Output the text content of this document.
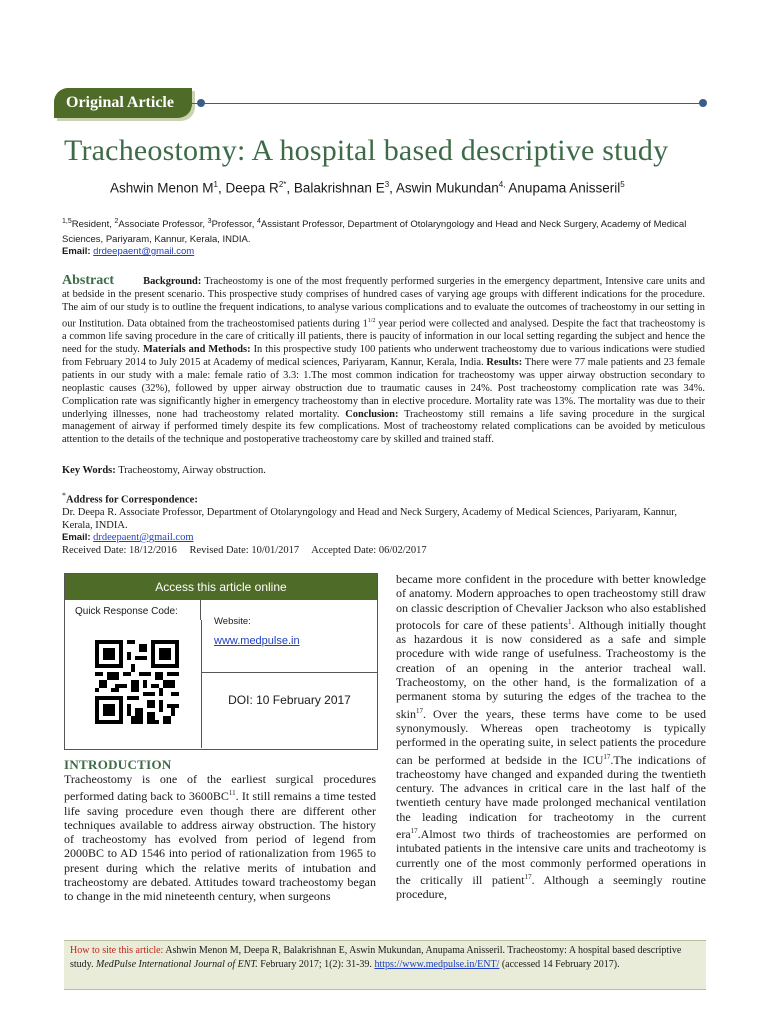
Original Article
Tracheostomy: A hospital based descriptive study
Ashwin Menon $M^1$, Deepa $R^{2*}$, Balakrishnan $E^3$, Aswin Mukundan$^{4,}$ Anupama Anisseril$^5$
$^{1,5}$Resident, $^2$Associate Professor, $^3$Professor, $^4$Assistant Professor, Department of Otolaryngology and Head and Neck Surgery, Academy of Medical Sciences, Pariyaram, Kannur, Kerala, INDIA.
Email: drdeepaent@gmail.com
Abstract	Background: Tracheostomy is one of the most frequently performed surgeries in the emergency department, Intensive care units and at bedside in the present scenario. This prospective study comprises of hundred cases of varying age groups with different indications for the procedure. The aim of our study is to outline the frequent indications, to analyse various complications and to evaluate the outcomes of tracheostomy in our setting in our Institution. Data obtained from the tracheostomised patients during $1^{1/2}$ year period were collected and analysed. Despite the fact that tracheostomy is a common life saving procedure in the care of critically ill patients, there is paucity of information in our local setting regarding the subject and hence the need for the study. Materials and Methods: In this prospective study 100 patients who underwent tracheostomy due to various indications were studied from February 2014 to July 2015 at Academy of medical sciences, Pariyaram, Kannur, Kerala, India. Results: There were 77 male patients and 23 female patients in our study with a male: female ratio of 3.3: 1.The most common indication for tracheostomy was upper airway obstruction secondary to neoplastic causes (32%), followed by upper airway obstruction due to traumatic causes in 24%. Post tracheostomy complication rate was 34%. Complication rate was significantly higher in emergency tracheostomy than in elective procedure. Mortality rate was 13%. The mortality was due to their underlying illnesses, none had tracheostomy related mortality. Conclusion: Tracheostomy still remains a life saving procedure in the surgical management of airway if performed timely despite its few complications. Most of tracheostomy related complications can be avoided by meticulous attention to the details of the technique and postoperative tracheostomy care by skilled and trained staff.
Key Words: Tracheostomy, Airway obstruction.
*Address for Correspondence:
Dr. Deepa R. Associate Professor, Department of Otolaryngology and Head and Neck Surgery, Academy of Medical Sciences, Pariyaram, Kannur, Kerala, INDIA.
Email: drdeepaent@gmail.com
Received Date: 18/12/2016 Revised Date: 10/01/2017 Accepted Date: 06/02/2017
Access this article online
Quick Response Code:
Website:
www.medpulse.in
DOI: 10 February 2017
INTRODUCTION
Tracheostomy is one of the earliest surgical procedures performed dating back to 3600BC$^{11}$. It still remains a time tested life saving procedure even though there are different other techniques available to address airway obstruction. The history of tracheostomy has evolved from period of legend from 2000BC to AD 1546 into period of rationalization from 1965 to present during which the relative merits of intubation and tracheostomy are debated. Attitudes toward tracheostomy began to change in the mid nineteenth century, when surgeons
became more confident in the procedure with better knowledge of anatomy. Modern approaches to open tracheostomy still draw on classic description of Chevalier Jackson who also established protocols for care of these patients$^1$. Although initially thought as hazardous it is now considered as a safe and simple procedure with wide range of usefulness. Tracheostomy is the creation of an opening in the anterior tracheal wall. Tracheostomy, on the other hand, is the formalization of a permanent stoma by suturing the edges of the trachea to the skin$^{17}$. Over the years, these terms have come to be used synonymously. Whereas open tracheotomy is typically performed in the operating suite, in select patients the procedure can be performed at bedside in the ICU$^{17}$.The indications of tracheostomy have changed and expanded during the twentieth century. The advances in critical care in the last half of the twentieth century have made prolonged mechanical ventilation the leading indication for tracheotomy in the current era$^{17}$.Almost two thirds of tracheostomies are performed on intubated patients in the intensive care units and tracheotomy is currently one of the most commonly performed operations in the critically ill patient$^{17}$. Although a seemingly routine procedure,
How to site this article: Ashwin Menon M, Deepa R, Balakrishnan E, Aswin Mukundan, Anupama Anisseril. Tracheostomy: A hospital based descriptive study. MedPulse International Journal of ENT. February 2017; 1(2): 31-39. https://www.medpulse.in/ENT/ (accessed 14 February 2017).
